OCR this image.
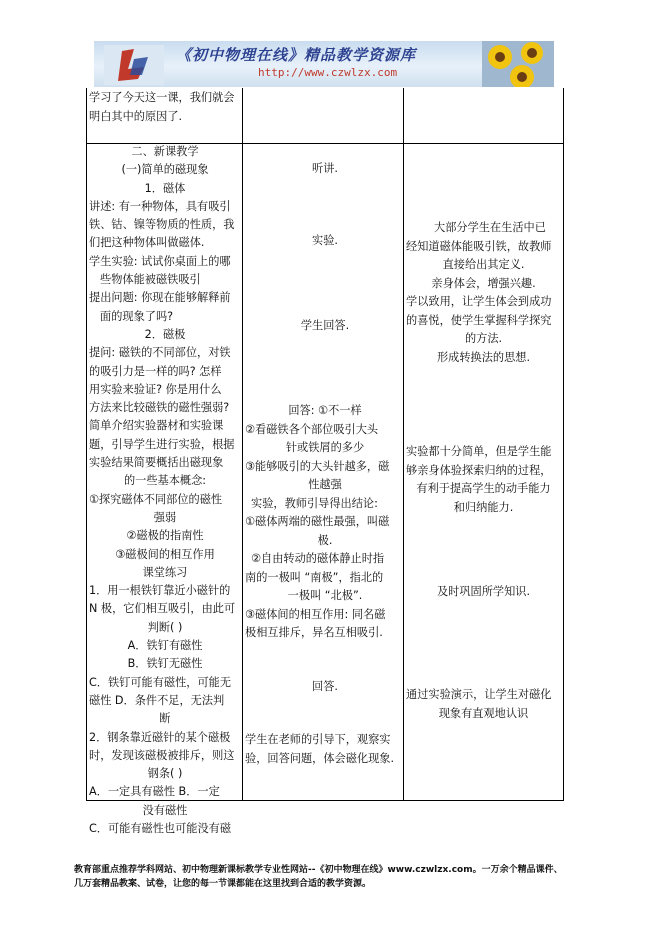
《初中物理在线》精品教学资源库
http://www.czwlzx.com

学习了今天这一课，我们就会

明白其中的原因了.

二、新课教学

(一)简单的磁现象

1．磁体

讲述: 有一种物体，具有吸引

铁、钴、镍等物质的性质，我

们把这种物体叫做磁体.

学生实验: 试试你桌面上的哪

些物体能被磁铁吸引

提出问题: 你现在能够解释前

面的现象了吗?

2．磁极

提问: 磁铁的不同部位，对铁

的吸引力是一样的吗? 怎样

用实验来验证? 你是用什么

方法来比较磁铁的磁性强弱?

简单介绍实验器材和实验课

题，引导学生进行实验，根据

实验结果简要概括出磁现象

的一些基本概念:

①探究磁体不同部位的磁性

强弱

②磁极的指南性

③磁极间的相互作用

课堂练习

1．用一根铁钉靠近小磁针的

N 极，它们相互吸引，由此可

判断( )

A．铁钉有磁性

B．铁钉无磁性

C．铁钉可能有磁性，可能无

磁性 D．条件不足，无法判

断

2．钢条靠近磁针的某个磁极

时，发现该磁极被排斥，则这

钢条( )

A．一定具有磁性 B．一定

没有磁性

C．可能有磁性也可能没有磁

听讲.

实验.

学生回答.

回答: ①不一样

②看磁铁各个部位吸引大头

针或铁屑的多少

③能够吸引的大头针越多，磁

性越强

实验，教师引导得出结论:

①磁体两端的磁性最强，叫磁

极.

②自由转动的磁体静止时指

南的一极叫 “南极”，指北的

一极叫 “北极”.

③磁体间的相互作用: 同名磁

极相互排斥，异名互相吸引.

回答.

学生在老师的引导下，观察实

验，回答问题，体会磁化现象.

大部分学生在生活中已

经知道磁体能吸引铁，故教师

直接给出其定义.

亲身体会，增强兴趣.

学以致用，让学生体会到成功

的喜悦，使学生掌握科学探究

的方法.

形成转换法的思想.

实验都十分简单，但是学生能

够亲身体验探索归纳的过程，

有利于提高学生的动手能力

和归纳能力.

及时巩固所学知识.

通过实验演示，让学生对磁化

现象有直观地认识

教育部重点推荐学科网站、初中物理新课标教学专业性网站--《初中物理在线》www.czwlzx.com。一万余个精品课件、

几万套精品教案、试卷，让您的每一节课都能在这里找到合适的教学资源。
